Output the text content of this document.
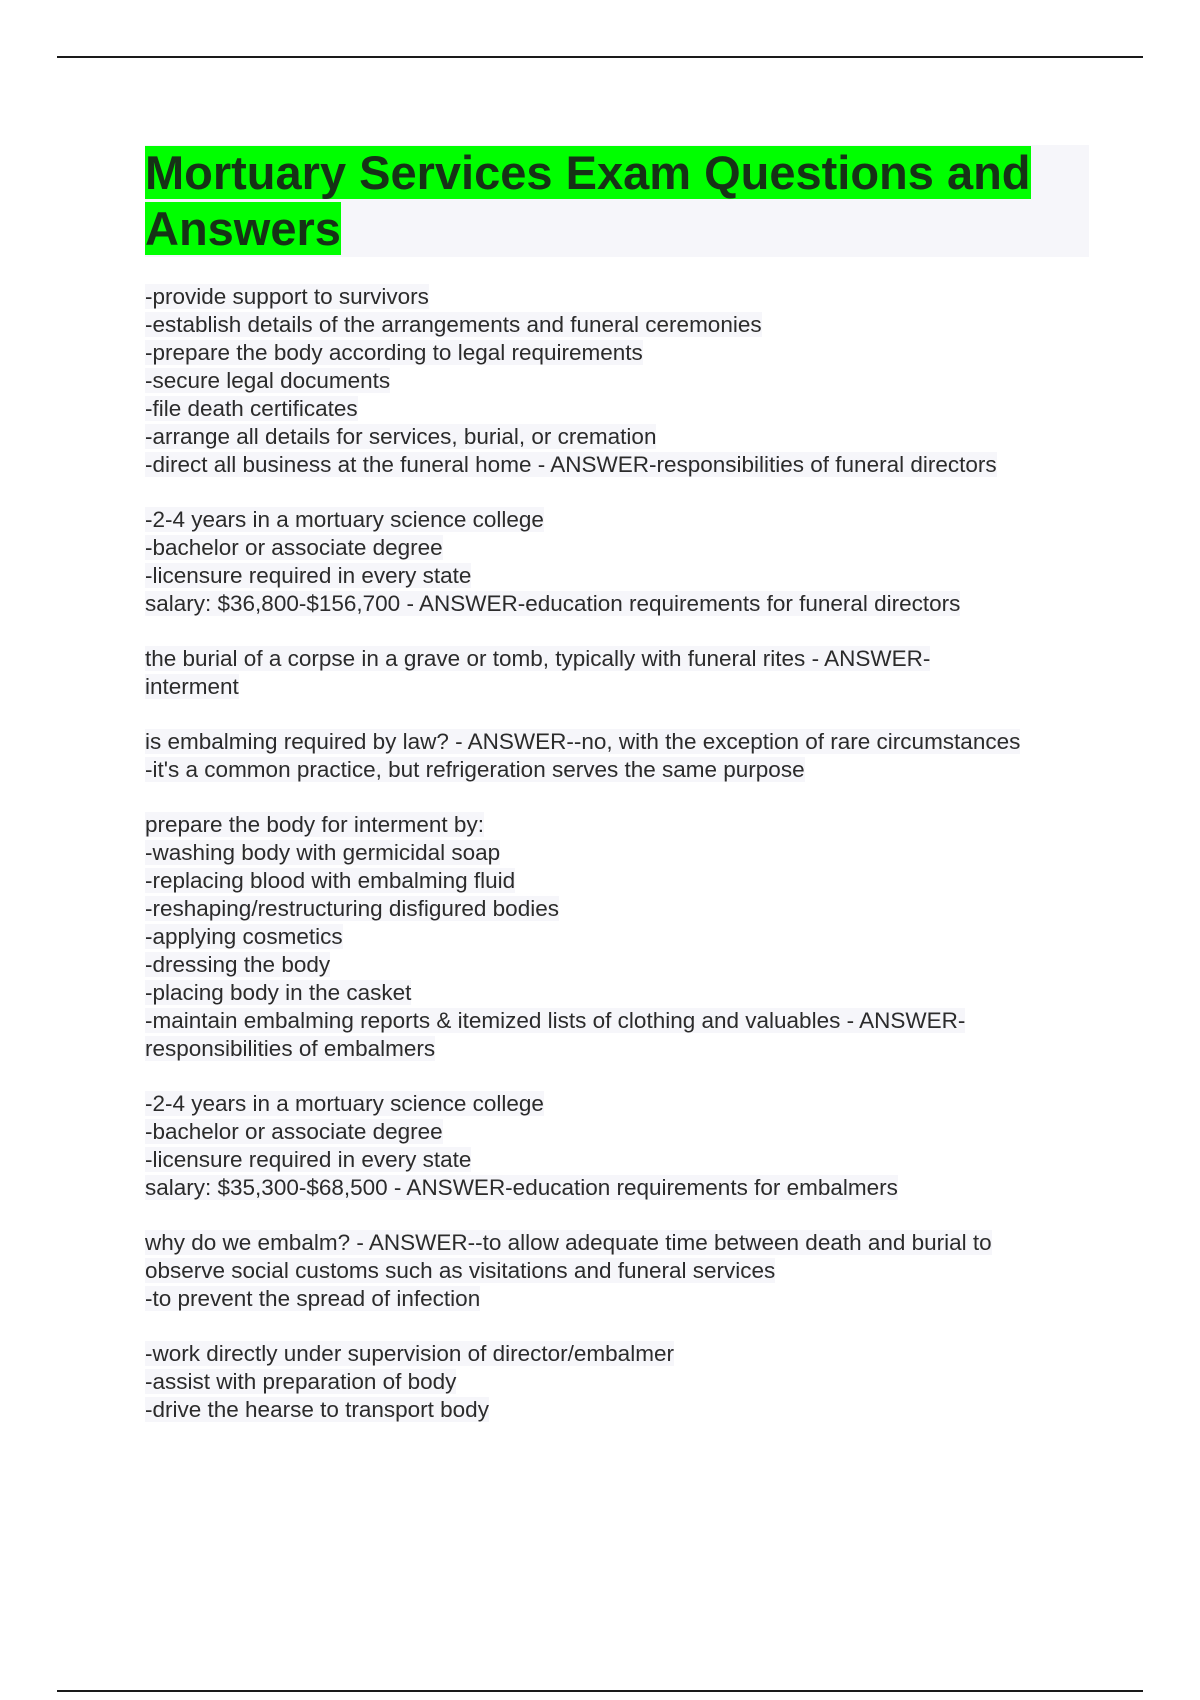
Mortuary Services Exam Questions and Answers
-provide support to survivors
-establish details of the arrangements and funeral ceremonies
-prepare the body according to legal requirements
-secure legal documents
-file death certificates
-arrange all details for services, burial, or cremation
-direct all business at the funeral home - ANSWER-responsibilities of funeral directors
-2-4 years in a mortuary science college
-bachelor or associate degree
-licensure required in every state
salary: $36,800-$156,700 - ANSWER-education requirements for funeral directors
the burial of a corpse in a grave or tomb, typically with funeral rites - ANSWER-
interment
is embalming required by law? - ANSWER--no, with the exception of rare circumstances
-it's a common practice, but refrigeration serves the same purpose
prepare the body for interment by:
-washing body with germicidal soap
-replacing blood with embalming fluid
-reshaping/restructuring disfigured bodies
-applying cosmetics
-dressing the body
-placing body in the casket
-maintain embalming reports & itemized lists of clothing and valuables - ANSWER-
responsibilities of embalmers
-2-4 years in a mortuary science college
-bachelor or associate degree
-licensure required in every state
salary: $35,300-$68,500 - ANSWER-education requirements for embalmers
why do we embalm? - ANSWER--to allow adequate time between death and burial to
observe social customs such as visitations and funeral services
-to prevent the spread of infection
-work directly under supervision of director/embalmer
-assist with preparation of body
-drive the hearse to transport body
